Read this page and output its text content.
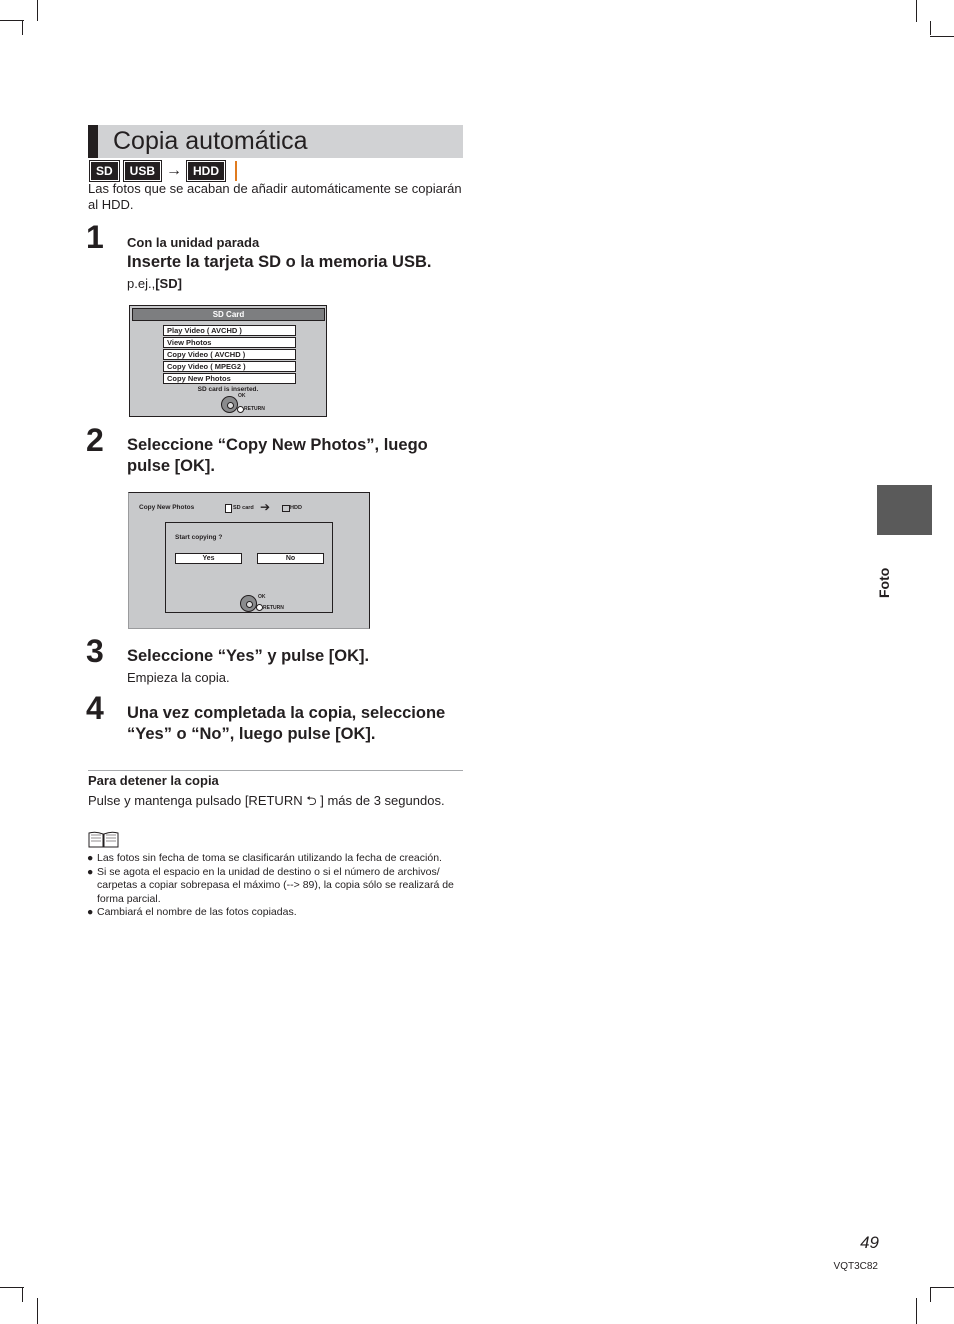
Copia automática
SD	USB → HDD
Las fotos que se acaban de añadir automáticamente se copiarán al HDD.
1 Con la unidad parada
Inserte la tarjeta SD o la memoria USB.
p.ej.,[SD]
SD Card
Play Video ( AVCHD )
View Photos
Copy Video ( AVCHD )
Copy Video ( MPEG2 )
Copy New Photos
SD card is inserted.
OK
RETURN
2 Seleccione “Copy New Photos”, luego
pulse [OK].
Copy New Photos	SD card ➔	HDD
Start copying ?
Yes	No
OK
RETURN
3 Seleccione “Yes” y pulse [OK].
Empieza la copia.
4 Una vez completada la copia, seleccione
“Yes” o “No”, luego pulse [OK].
Para detener la copia
Pulse y mantenga pulsado [RETURN ⮌ ] más de 3 segundos.
● Las fotos sin fecha de toma se clasificarán utilizando la fecha de creación.
● Si se agota el espacio en la unidad de destino o si el número de archivos/ carpetas a copiar sobrepasa el máximo (--> 89), la copia sólo se realizará de forma parcial.
● Cambiará el nombre de las fotos copiadas.
Foto
49
VQT3C82
